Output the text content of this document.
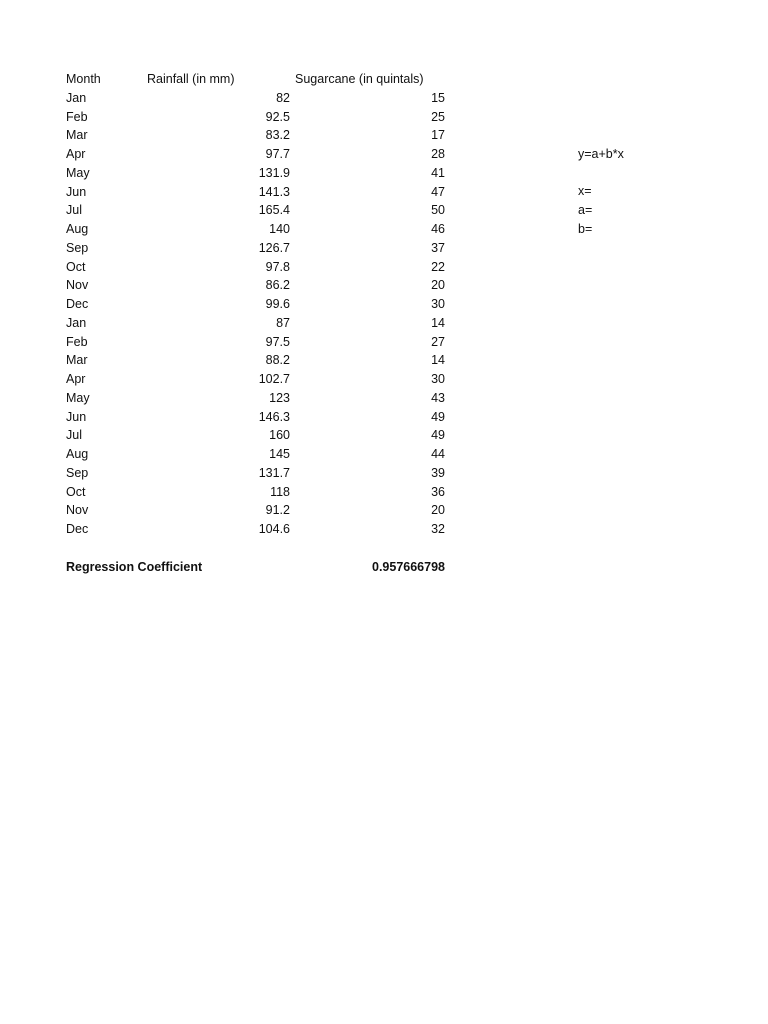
Month	Rainfall (in mm)	Sugarcane (in quintals)
Jan	82	15
Feb	92.5	25
Mar	83.2	17
Apr	97.7	28
May	131.9	41
Jun	141.3	47
Jul	165.4	50
Aug	140	46
Sep	126.7	37
Oct	97.8	22
Nov	86.2	20
Dec	99.6	30
Jan	87	14
Feb	97.5	27
Mar	88.2	14
Apr	102.7	30
May	123	43
Jun	146.3	49
Jul	160	49
Aug	145	44
Sep	131.7	39
Oct	118	36
Nov	91.2	20
Dec	104.6	32
Regression Coefficient	0.957666798
y=a+b*x
x=
a=
b=
